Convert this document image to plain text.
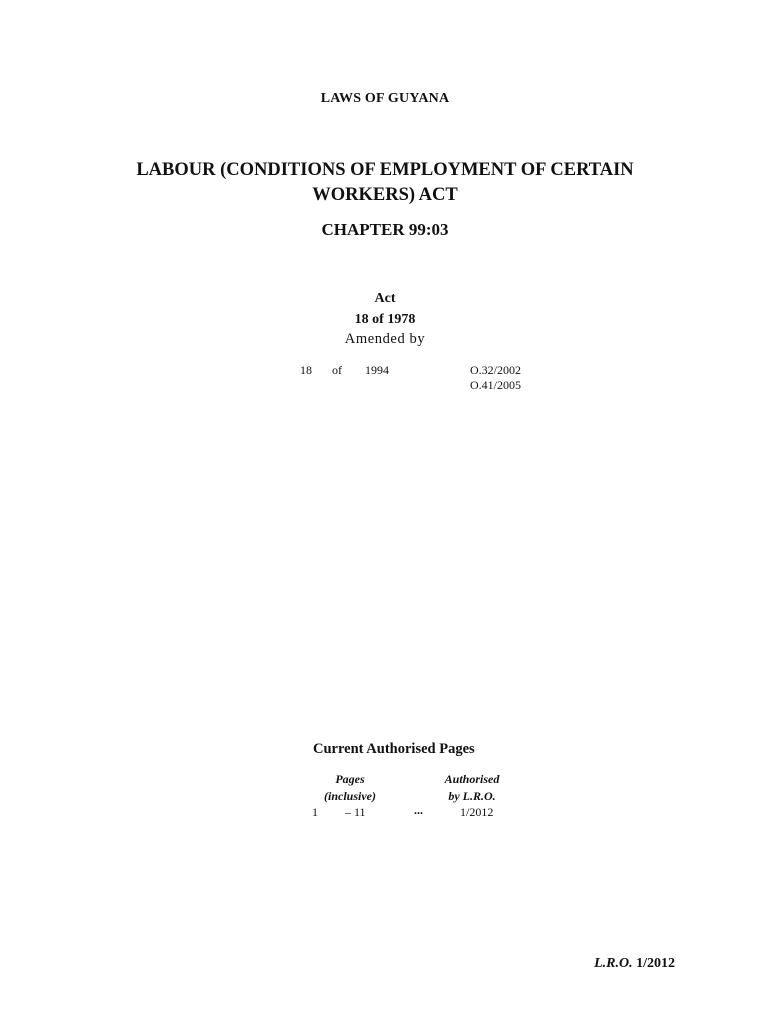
LAWS OF GUYANA
LABOUR (CONDITIONS OF EMPLOYMENT OF CERTAIN WORKERS) ACT
CHAPTER 99:03
Act
18 of 1978
Amended by
18 of 1994	O.32/2002
O.41/2005
Current Authorised Pages
Pages
(inclusive)
Authorised
by L.R.O.
1 – 11	...	1/2012
L.R.O. 1/2012
